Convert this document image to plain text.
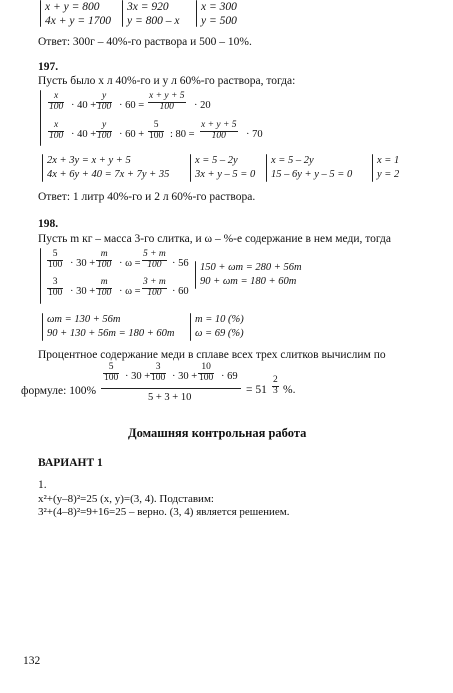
x + y = 800
4x + y = 1700
3x = 920
y = 800 – x
x = 300
y = 500
Ответ: 300г – 40%-го раствора и 500 – 10%.
197.
Пусть было х л 40%-го и у л 60%-го раствора, тогда:
$\frac{x}{100} \cdot 40 + \frac{y}{100} \cdot 60 = \frac{x + y + 5}{100} \cdot 20$
$\frac{x}{100} \cdot 40 + \frac{y}{100} \cdot 60 + \frac{5}{100}$ : $80 = \frac{x + y + 5}{100} \cdot 70$
2x + 3y = x + y + 5
4x + 6y + 40 = 7x + 7y + 35
x = 5 – 2y
3x + y – 5 = 0
x = 5 – 2y
15 – 6y + y – 5 = 0
x = 1
y = 2
Ответ: 1 литр 40%-го и 2 л 60%-го раствора.
198.
Пусть m кг – масса 3-го слитка, и ω – %-е содержание в нем меди, тогда
$\frac{5}{100} \cdot 30 + \frac{m}{100} \cdot \omega = \frac{5 + m}{100} \cdot 56$
$\frac{3}{100} \cdot 30 + \frac{m}{100} \cdot \omega = \frac{3 + m}{100} \cdot 60$
150 + ωm = 280 + 56m
90 + ωm = 180 + 60m
ωm = 130 + 56m
90 + 130 + 56m = 180 + 60m
m = 10 (%)
ω = 69 (%)
Процентное содержание меди в сплаве всех трех слитков вычислим по
формуле: 100%
$\frac{5}{100} \cdot 30 + \frac{3}{100} \cdot 30 + \frac{10}{100} \cdot 69$
5 + 3 + 10
= $51 \frac{2}{3}$ %.
Домашняя контрольная работа
ВАРИАНТ 1
1.
x²+(y–8)²=25 (x, y)=(3, 4). Подставим:
3²+(4–8)²=9+16=25 – верно. (3, 4) является решением.
132
